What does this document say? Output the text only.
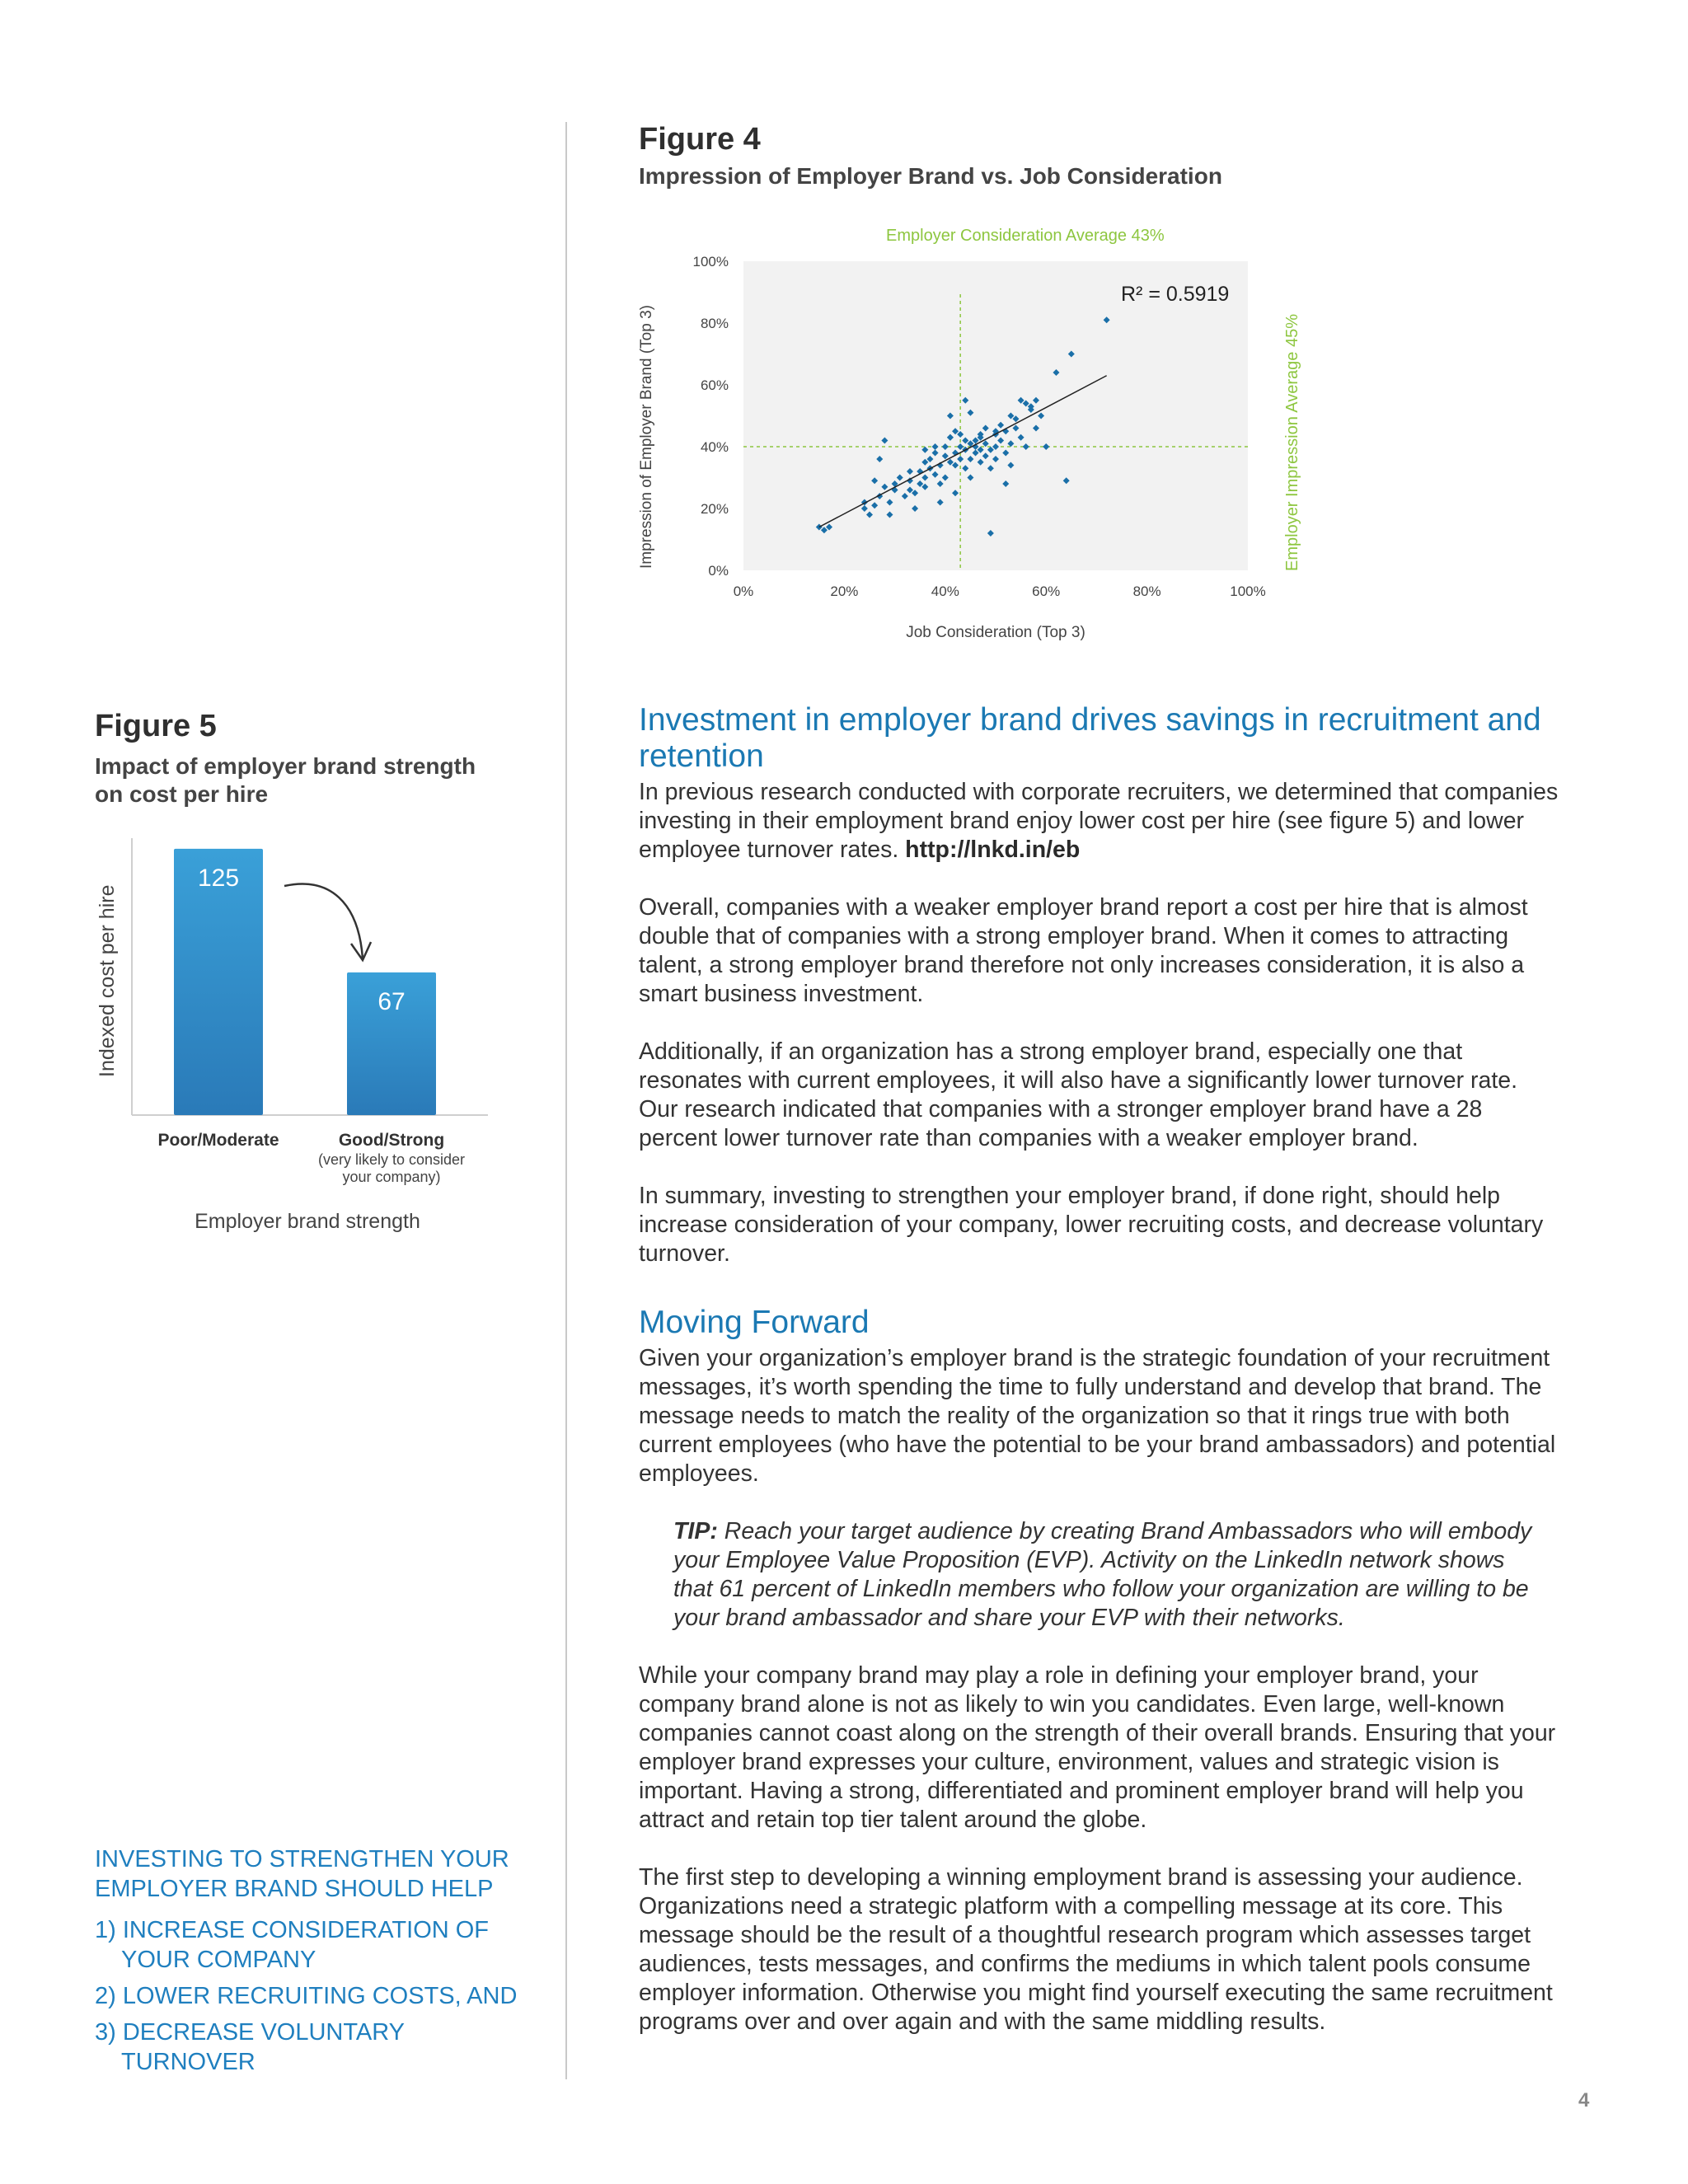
Figure 4

Impression of Employer Brand vs. Job Consideration

Employer Consideration Average 43%
Employer Impression Average 45%
Impression of Employer Brand (Top 3)
Job Consideration (Top 3)
R² = 0.5919
0%	20%	40%	60%	80%	100%
0%
20%
40%
60%
80%
100%

Figure 5

Impact of employer brand strength

on cost per hire

Indexed cost per hire
125
Poor/Moderate
67
Good/Strong
(very likely to consider
your company)
Employer brand strength
INVESTING TO STRENGTHEN YOUR EMPLOYER BRAND SHOULD HELP
1) INCREASE CONSIDERATION OF YOUR COMPANY
2) LOWER RECRUITING COSTS, AND
3) DECREASE VOLUNTARY TURNOVER
Investment in employer brand drives savings in recruitment and retention

In previous research conducted with corporate recruiters, we determined that companies investing in their employment brand enjoy lower cost per hire (see figure 5) and lower employee turnover rates. http://lnkd.in/eb

Overall, companies with a weaker employer brand report a cost per hire that is almost double that of companies with a strong employer brand. When it comes to attracting talent, a strong employer brand therefore not only increases consideration, it is also a smart business investment.

Additionally, if an organization has a strong employer brand, especially one that resonates with current employees, it will also have a significantly lower turnover rate. Our research indicated that companies with a stronger employer brand have a 28 percent lower turnover rate than companies with a weaker employer brand.

In summary, investing to strengthen your employer brand, if done right, should help increase consideration of your company, lower recruiting costs, and decrease voluntary turnover.

Moving Forward

Given your organization’s employer brand is the strategic foundation of your recruitment messages, it’s worth spending the time to fully understand and develop that brand. The message needs to match the reality of the organization so that it rings true with both current employees (who have the potential to be your brand ambassadors) and potential employees.

TIP: Reach your target audience by creating Brand Ambassadors who will embody your Employee Value Proposition (EVP). Activity on the LinkedIn network shows that 61 percent of LinkedIn members who follow your organization are willing to be your brand ambassador and share your EVP with their networks.

While your company brand may play a role in defining your employer brand, your company brand alone is not as likely to win you candidates. Even large, well-known companies cannot coast along on the strength of their overall brands. Ensuring that your employer brand expresses your culture, environment, values and strategic vision is important. Having a strong, differentiated and prominent employer brand will help you attract and retain top tier talent around the globe.

The first step to developing a winning employment brand is assessing your audience. Organizations need a strategic platform with a compelling message at its core. This message should be the result of a thoughtful research program which assesses target audiences, tests messages, and confirms the mediums in which talent pools consume employer information. Otherwise you might find yourself executing the same recruitment programs over and over again and with the same middling results.

4
